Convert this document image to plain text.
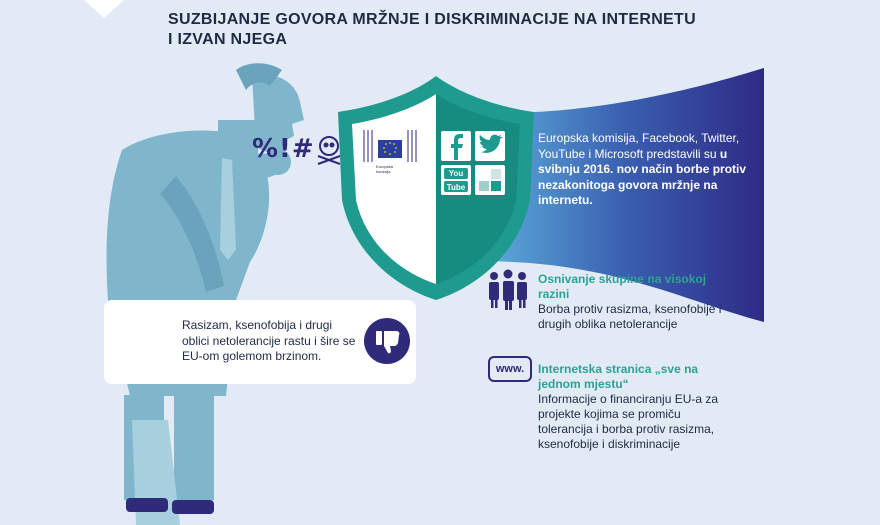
SUZBIJANJE GOVORA MRŽNJE I DISKRIMINACIJE NA INTERNETU
I IZVAN NJEGA
%!#
Europska komisija	You
Tube
Europska komisija, Facebook, Twitter, YouTube i Microsoft predstavili su u svibnju 2016. nov način borbe protiv nezakonitoga govora mržnje na internetu.
Rasizam, ksenofobija i drugi oblici netolerancije rastu i šire se EU-om golemom brzinom.
Osnivanje skupine na visokoj razini
Borba protiv rasizma, ksenofobije i drugih oblika netolerancije
www.	Internetska stranica „sve na jednom mjestu“
Informacije o financiranju EU-a za projekte kojima se promiču tolerancija i borba protiv rasizma, ksenofobije i diskriminacije
